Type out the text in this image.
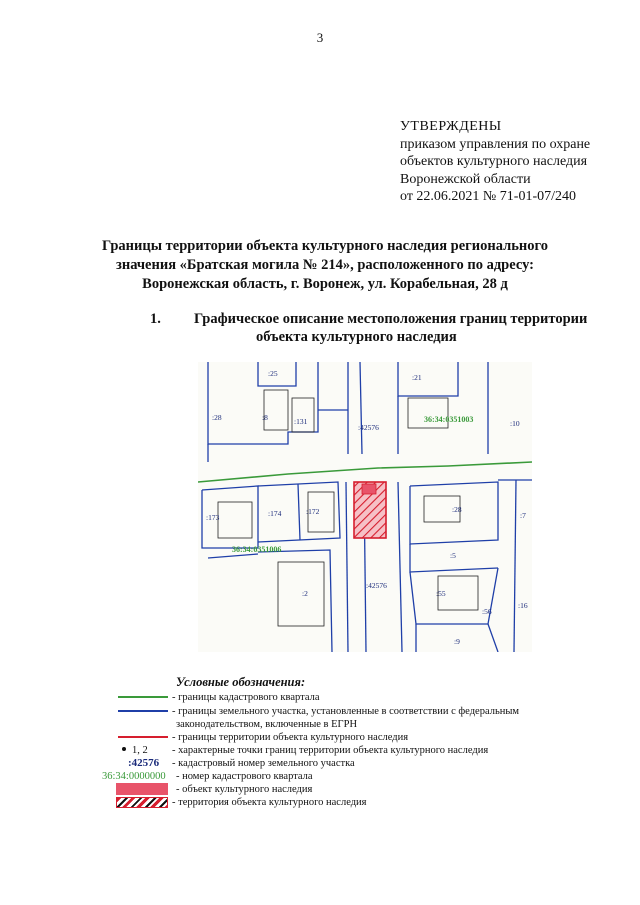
3
УТВЕРЖДЕНЫ
приказом управления по охране
объектов культурного наследия
Воронежской области
от 22.06.2021 № 71-01-07/240
Границы территории объекта культурного наследия регионального
значения «Братская могила № 214», расположенного по адресу:
Воронежская область, г. Воронеж, ул. Корабельная, 28 д
1. Графическое описание местоположения границ территории
объекта культурного наследия
:25	:21
:28	:8	:131
:42576	:10
:173	:174	:172	:28
:7
:5
:2
:42576
:55
:56
:16
:9
36:34:0351003
36:34:0351006
Условные обозначения:
- границы кадастрового квартала
- границы земельного участка, установленные в соответствии с федеральным
законодательством, включенные в ЕГРН
- границы территории объекта культурного наследия
1, 2 - характерные точки границ территории объекта культурного наследия
:42576 - кадастровый номер земельного участка
36:34:0000000 - номер кадастрового квартала
- объект культурного наследия
- территория объекта культурного наследия
